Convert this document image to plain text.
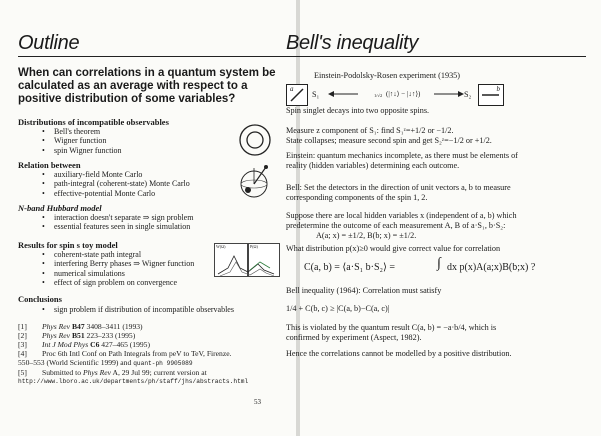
Outline
When can correlations in a quantum system be calculated as an average with respect to a positive distribution of some variables?
Distributions of incompatible observables
• Bell's theorem
• Wigner function
• spin Wigner function
Relation between
• auxiliary-field Monte Carlo
• path-integral (coherent-state) Monte Carlo
• effective-potential Monte Carlo
N-band Hubbard model
• interaction doesn't separate ⇒ sign problem
• essential features seen in single simulation
Results for spin s toy model
• coherent-state path integral
• interfering Berry phases ⇒ Wigner function
• numerical simulations
• effect of sign problem on convergence
Conclusions
• sign problem if distribution of incompatible observables
W(Ω)	P(Ω)
[1] Phys Rev B47 3408–3411 (1993)
[2] Phys Rev B51 223–233 (1995)
[3] Int J Mod Phys C6 427–465 (1995)
[4] Proc 6th Intl Conf on Path Integrals from peV to TeV, Firenze.
550–553 (World Scientific 1999) and quant-ph 9905089
[5] Submitted to Phys Rev A, 29 Jul 99; current version at
http://www.lboro.ac.uk/departments/ph/staff/jhs/abstracts.html
53
Bell's inequality
Einstein-Podolsky-Rosen experiment (1935)
a
S₁	1/√2 (|↑↓⟩ − |↓↑⟩)	S₂
b
Spin singlet decays into two opposite spins.
Measure z component of S₁: find S₁ᶻ=+1/2 or −1/2.
State collapses; measure second spin and get S₂ᶻ=−1/2 or +1/2.
Einstein: quantum mechanics incomplete, as there must be elements of
reality (hidden variables) determining each outcome.
Bell: Set the detectors in the direction of unit vectors a, b to measure
corresponding components of the spin 1, 2.
Suppose there are local hidden variables x (independent of a, b) which
predetermine the outcome of each measurement A, B of a·S₁, b·S₂:
A(a; x) = ±1/2, B(b; x) = ±1/2.
What distribution p(x)≥0 would give correct value for correlation
C(a, b) = ⟨a·S₁ b·S₂⟩ =	∫ dx p(x)A(a;x)B(b;x) ?
Bell inequality (1964): Correlation must satisfy
1/4 + C(b, c) ≥ |C(a, b)−C(a, c)|
This is violated by the quantum result C(a, b) = −a·b/4, which is
confirmed by experiment (Aspect, 1982).
Hence the correlations cannot be modelled by a positive distribution.
